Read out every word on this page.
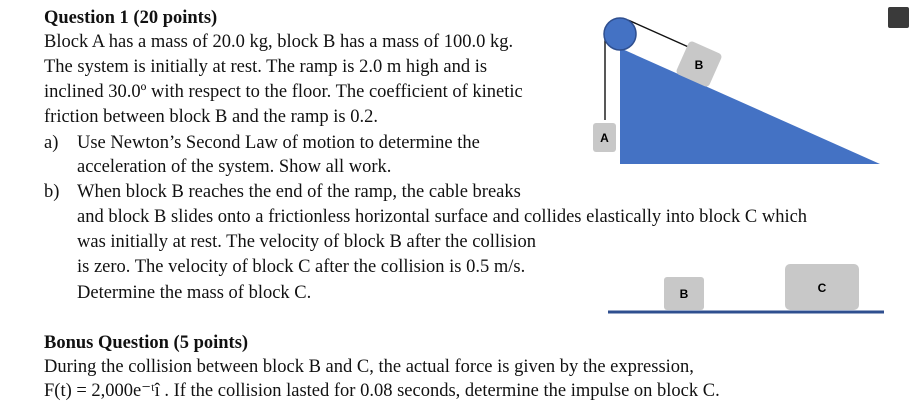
Question 1 (20 points)
Block A has a mass of 20.0 kg, block B has a mass of 100.0 kg.
The system is initially at rest. The ramp is 2.0 m high and is
inclined 30.0º with respect to the floor. The coefficient of kinetic
friction between block B and the ramp is 0.2.
a) Use Newton’s Second Law of motion to determine the
acceleration of the system. Show all work.
b) When block B reaches the end of the ramp, the cable breaks
and block B slides onto a frictionless horizontal surface and collides elastically into block C which
was initially at rest. The velocity of block B after the collision
is zero. The velocity of block C after the collision is 0.5 m/s.
Determine the mass of block C.
Bonus Question (5 points)
During the collision between block B and C, the actual force is given by the expression,
F(t) = 2,000e⁻ᵗî . If the collision lasted for 0.08 seconds, determine the impulse on block C.
B
A
B	C
